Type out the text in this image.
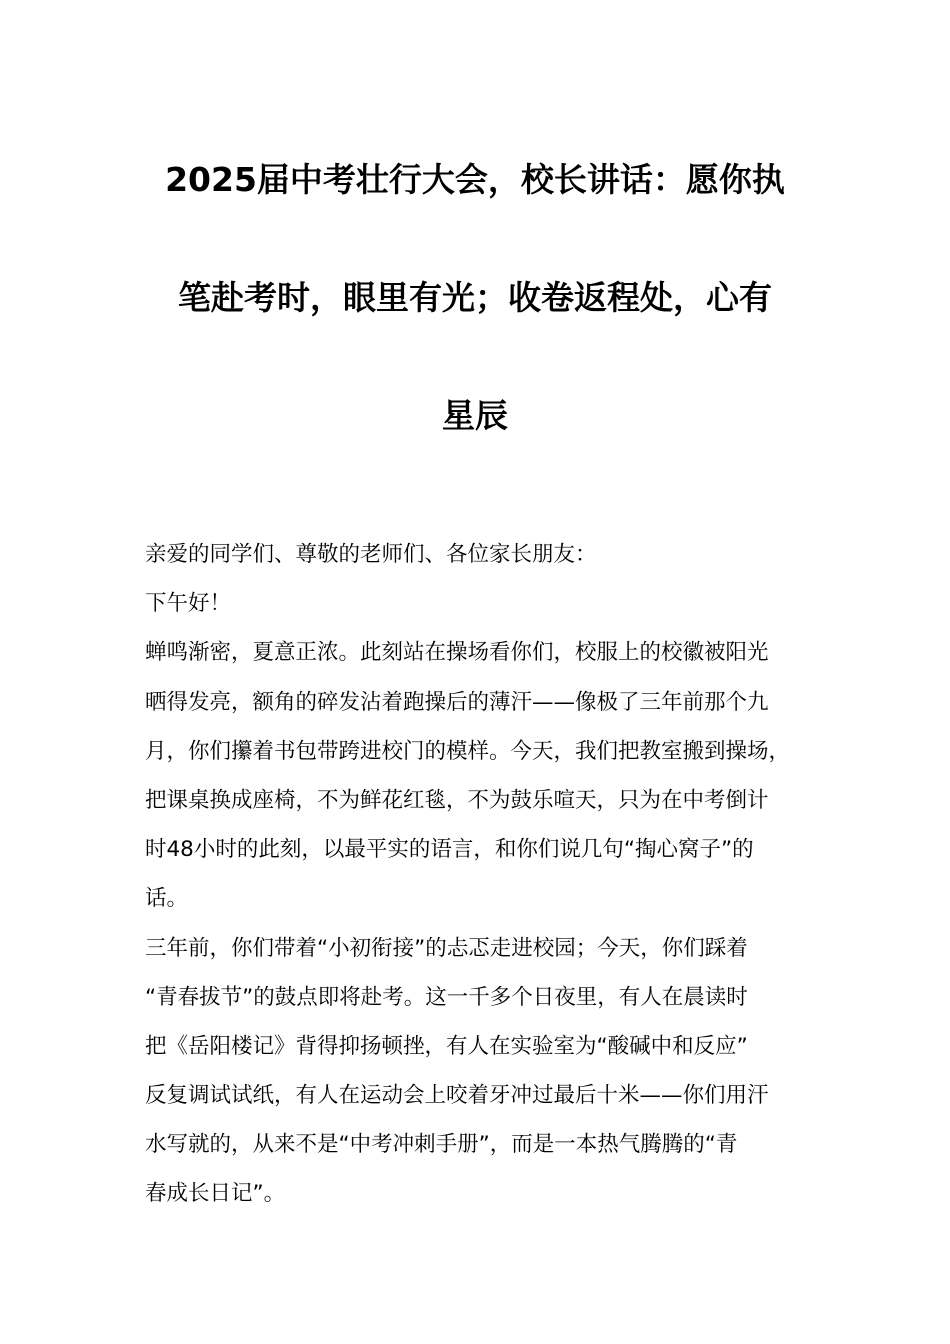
2025届中考壮行大会，校长讲话：愿你执
笔赴考时，眼里有光；收卷返程处，心有
星辰
亲爱的同学们、尊敬的老师们、各位家长朋友：
下午好！
蝉鸣渐密，夏意正浓。此刻站在操场看你们，校服上的校徽被阳光
晒得发亮，额角的碎发沾着跑操后的薄汗——像极了三年前那个九
月，你们攥着书包带跨进校门的模样。今天，我们把教室搬到操场，
把课桌换成座椅，不为鲜花红毯，不为鼓乐喧天，只为在中考倒计
时48小时的此刻，以最平实的语言，和你们说几句“掏心窝子”的
话。
三年前，你们带着“小初衔接”的忐忑走进校园；今天，你们踩着
“青春拔节”的鼓点即将赴考。这一千多个日夜里，有人在晨读时
把《岳阳楼记》背得抑扬顿挫，有人在实验室为“酸碱中和反应”
反复调试试纸，有人在运动会上咬着牙冲过最后十米——你们用汗
水写就的，从来不是“中考冲刺手册”，而是一本热气腾腾的“青
春成长日记”。
